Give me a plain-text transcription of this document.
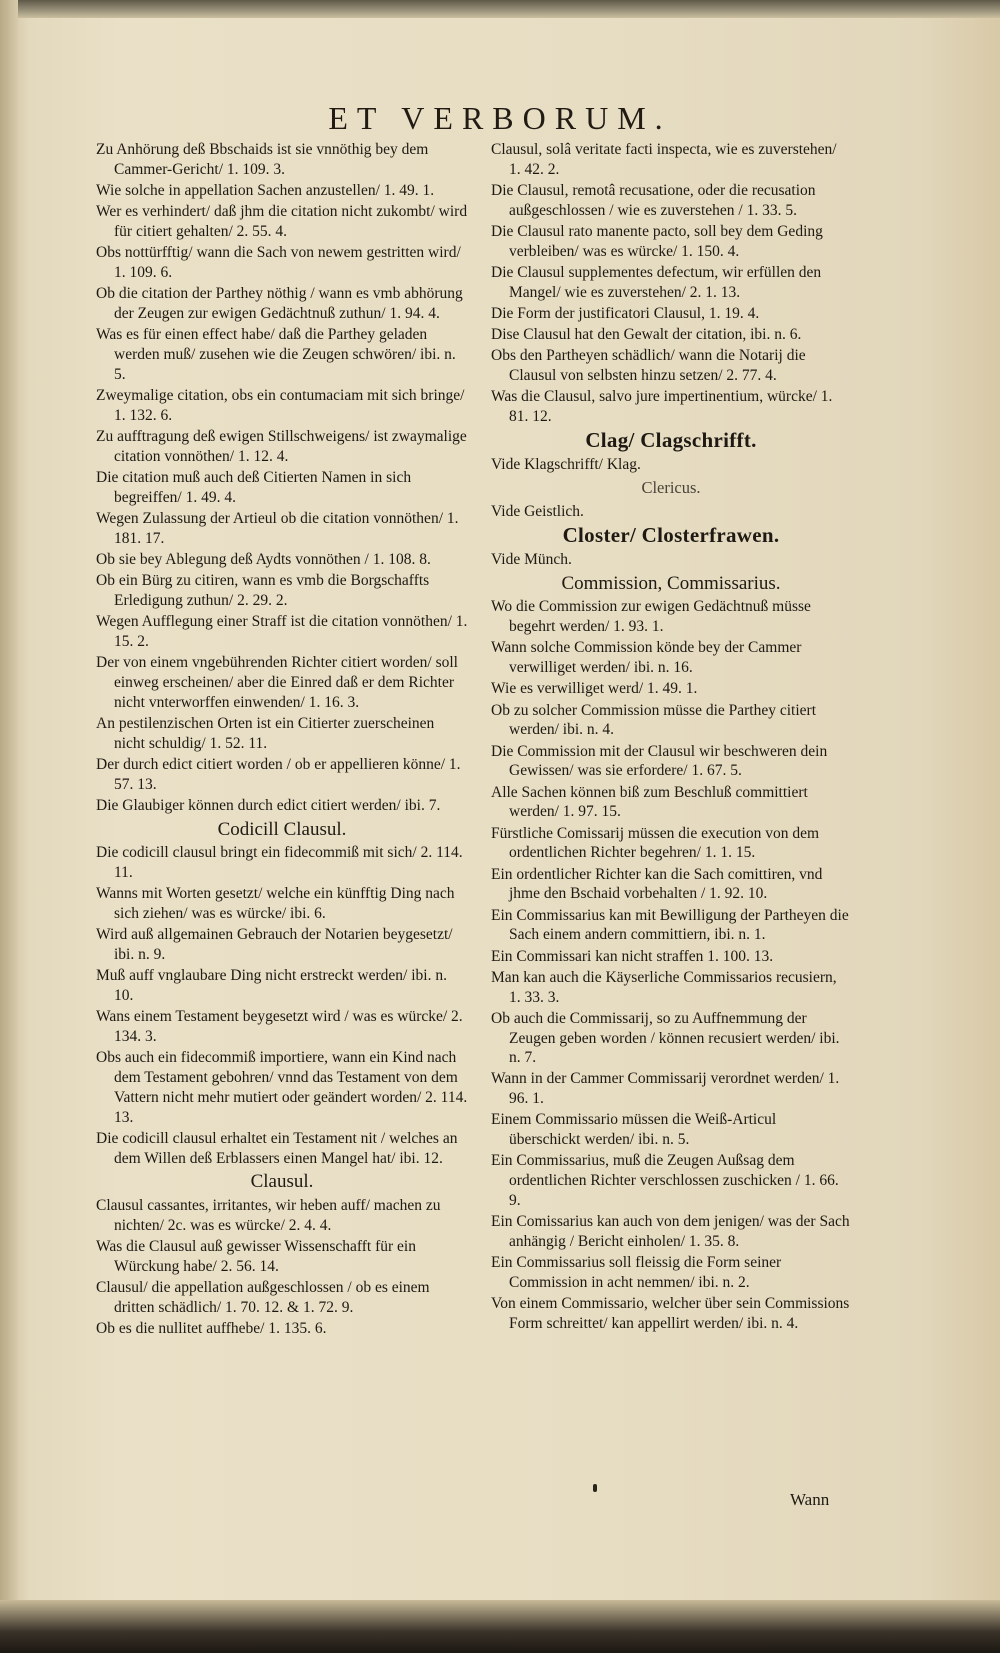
ET VERBORUM.
Zu Anhörung deß Bbschaids ist sie vnnöthig bey dem Cammer-Gericht/ 1. 109. 3.
Wie solche in appellation Sachen anzustellen/ 1. 49. 1.
Wer es verhindert/ daß jhm die citation nicht zukombt/ wird für citiert gehalten/ 2. 55. 4.
Obs nottürfftig/ wann die Sach von newem gestritten wird/ 1. 109. 6.
Ob die citation der Parthey nöthig / wann es vmb abhörung der Zeugen zur ewigen Gedächtnuß zuthun/ 1. 94. 4.
Was es für einen effect habe/ daß die Parthey geladen werden muß/ zusehen wie die Zeugen schwören/ ibi. n. 5.
Zweymalige citation, obs ein contumaciam mit sich bringe/ 1. 132. 6.
Zu aufftragung deß ewigen Stillschweigens/ ist zwaymalige citation vonnöthen/ 1. 12. 4.
Die citation muß auch deß Citierten Namen in sich begreiffen/ 1. 49. 4.
Wegen Zulassung der Artieul ob die citation vonnöthen/ 1. 181. 17.
Ob sie bey Ablegung deß Aydts vonnöthen / 1. 108. 8.
Ob ein Bürg zu citiren, wann es vmb die Borgschaffts Erledigung zuthun/ 2. 29. 2.
Wegen Aufflegung einer Straff ist die citation vonnöthen/ 1. 15. 2.
Der von einem vngebührenden Richter citiert worden/ soll einweg erscheinen/ aber die Einred daß er dem Richter nicht vnterworffen einwenden/ 1. 16. 3.
An pestilenzischen Orten ist ein Citierter zuerscheinen nicht schuldig/ 1. 52. 11.
Der durch edict citiert worden / ob er appellieren könne/ 1. 57. 13.
Die Glaubiger können durch edict citiert werden/ ibi. 7.
Codicill Clausul.
Die codicill clausul bringt ein fidecommiß mit sich/ 2. 114. 11.
Wanns mit Worten gesetzt/ welche ein künfftig Ding nach sich ziehen/ was es würcke/ ibi. 6.
Wird auß allgemainen Gebrauch der Notarien beygesetzt/ ibi. n. 9.
Muß auff vnglaubare Ding nicht erstreckt werden/ ibi. n. 10.
Wans einem Testament beygesetzt wird / was es würcke/ 2. 134. 3.
Obs auch ein fidecommiß importiere, wann ein Kind nach dem Testament gebohren/ vnnd das Testament von dem Vattern nicht mehr mutiert oder geändert worden/ 2. 114. 13.
Die codicill clausul erhaltet ein Testament nit / welches an dem Willen deß Erblassers einen Mangel hat/ ibi. 12.
Clausul.
Clausul cassantes, irritantes, wir heben auff/ machen zu nichten/ 2c. was es würcke/ 2. 4. 4.
Was die Clausul auß gewisser Wissenschafft für ein Würckung habe/ 2. 56. 14.
Clausul/ die appellation außgeschlossen / ob es einem dritten schädlich/ 1. 70. 12. & 1. 72. 9.
Ob es die nullitet auffhebe/ 1. 135. 6.
Clausul, solâ veritate facti inspecta, wie es zuverstehen/ 1. 42. 2.
Die Clausul, remotâ recusatione, oder die recusation außgeschlossen / wie es zuverstehen / 1. 33. 5.
Die Clausul rato manente pacto, soll bey dem Geding verbleiben/ was es würcke/ 1. 150. 4.
Die Clausul supplementes defectum, wir erfüllen den Mangel/ wie es zuverstehen/ 2. 1. 13.
Die Form der justificatori Clausul, 1. 19. 4.
Dise Clausul hat den Gewalt der citation, ibi. n. 6.
Obs den Partheyen schädlich/ wann die Notarij die Clausul von selbsten hinzu setzen/ 2. 77. 4.
Was die Clausul, salvo jure impertinentium, würcke/ 1. 81. 12.
Clag/ Clagschrifft.
Vide Klagschrifft/ Klag.
Clericus.
Vide Geistlich.
Closter/ Closterfrawen.
Vide Münch.
Commission, Commissarius.
Wo die Commission zur ewigen Gedächtnuß müsse begehrt werden/ 1. 93. 1.
Wann solche Commission könde bey der Cammer verwilliget werden/ ibi. n. 16.
Wie es verwilliget werd/ 1. 49. 1.
Ob zu solcher Commission müsse die Parthey citiert werden/ ibi. n. 4.
Die Commission mit der Clausul wir beschweren dein Gewissen/ was sie erfordere/ 1. 67. 5.
Alle Sachen können biß zum Beschluß committiert werden/ 1. 97. 15.
Fürstliche Comissarij müssen die execution von dem ordentlichen Richter begehren/ 1. 1. 15.
Ein ordentlicher Richter kan die Sach comittiren, vnd jhme den Bschaid vorbehalten / 1. 92. 10.
Ein Commissarius kan mit Bewilligung der Partheyen die Sach einem andern committiern, ibi. n. 1.
Ein Commissari kan nicht straffen 1. 100. 13.
Man kan auch die Käyserliche Commissarios recusiern, 1. 33. 3.
Ob auch die Commissarij, so zu Auffnemmung der Zeugen geben worden / können recusiert werden/ ibi. n. 7.
Wann in der Cammer Commissarij verordnet werden/ 1. 96. 1.
Einem Commissario müssen die Weiß-Articul überschickt werden/ ibi. n. 5.
Ein Commissarius, muß die Zeugen Außsag dem ordentlichen Richter verschlossen zuschicken / 1. 66. 9.
Ein Comissarius kan auch von dem jenigen/ was der Sach anhängig / Bericht einholen/ 1. 35. 8.
Ein Commissarius soll fleissig die Form seiner Commission in acht nemmen/ ibi. n. 2.
Von einem Commissario, welcher über sein Commissions Form schreittet/ kan appellirt werden/ ibi. n. 4.
Wann
